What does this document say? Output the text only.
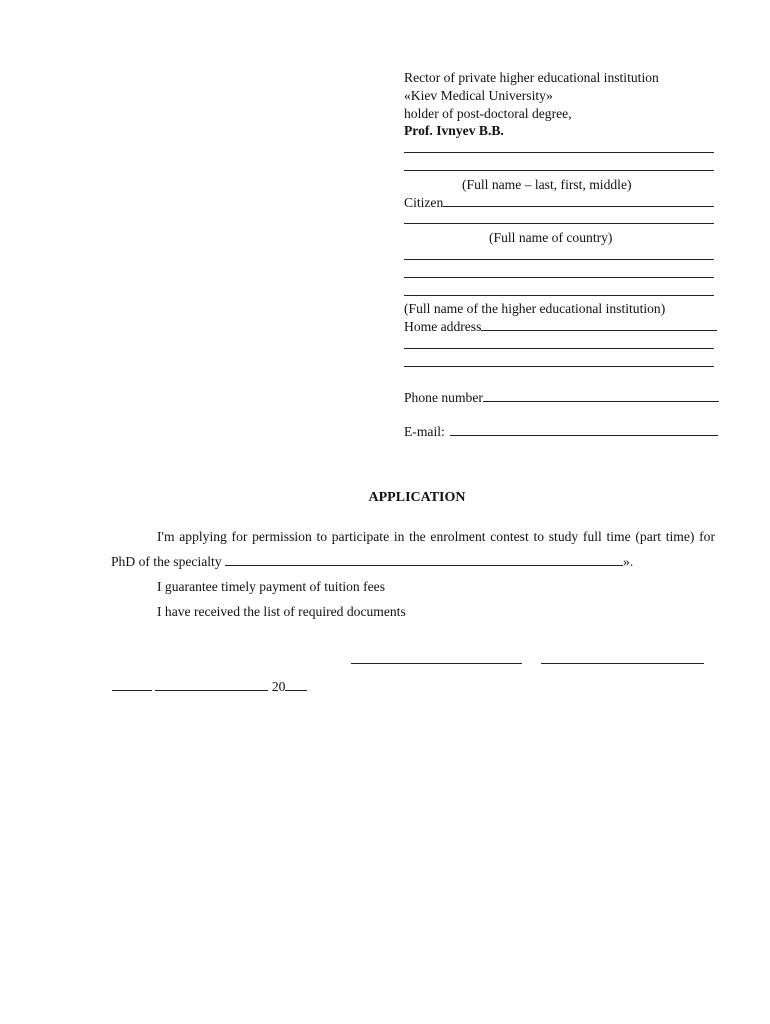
Rector of private higher educational institution
«Kiev Medical University»
holder of post-doctoral degree,
Prof. Ivnyev B.B.
(Full name – last, first, middle)
Citizen
(Full name of country)
(Full name of the higher educational institution)
Home address
Phone number
E-mail:
APPLICATION
I'm applying for permission to participate in the enrolment contest to study full time (part time) for PhD of the specialty	».
I guarantee timely payment of tuition fees
I have received the list of required documents
20
